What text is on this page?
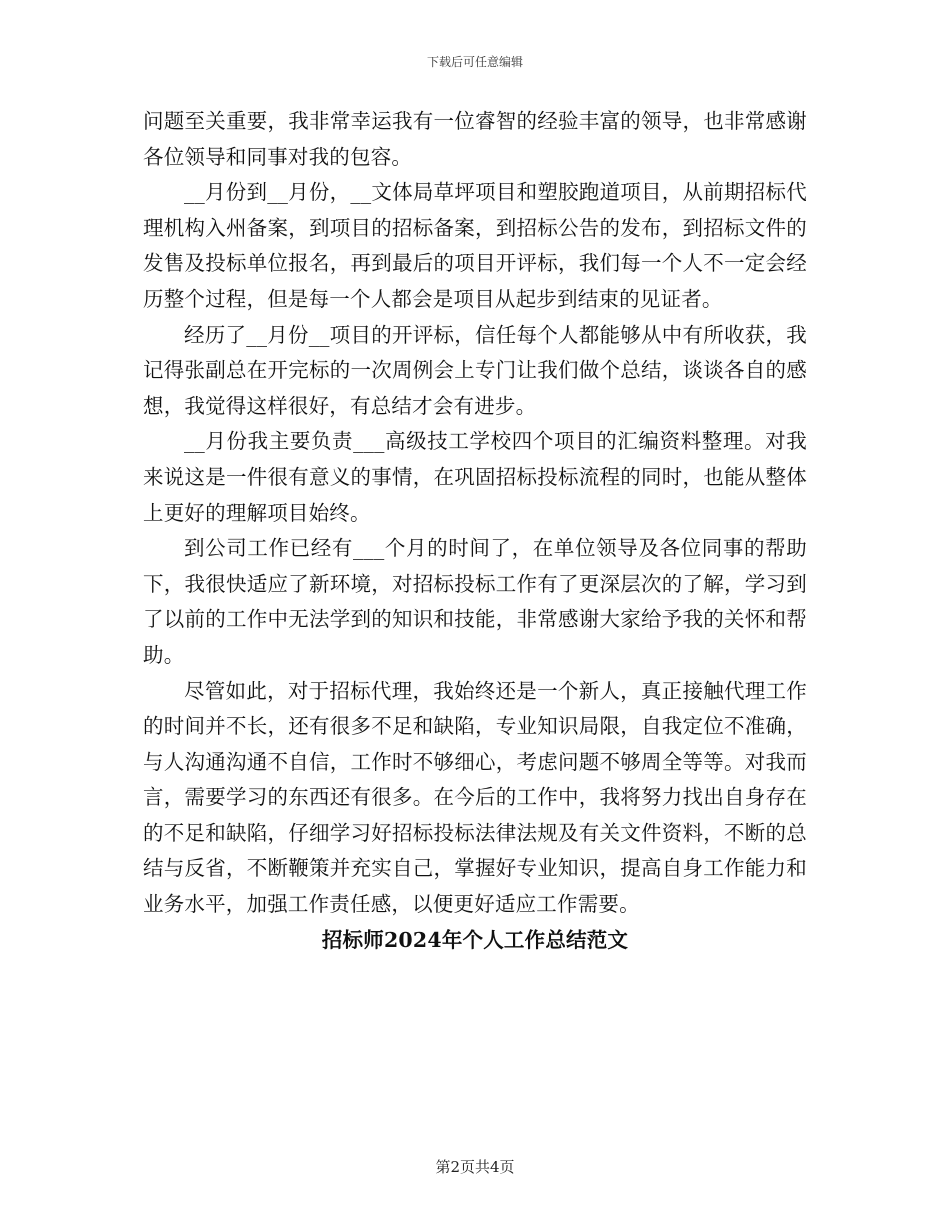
下载后可任意编辑

问题至关重要，我非常幸运我有一位睿智的经验丰富的领导，也非常感谢各位领导和同事对我的包容。

__月份到__月份，__文体局草坪项目和塑胶跑道项目，从前期招标代理机构入州备案，到项目的招标备案，到招标公告的发布，到招标文件的发售及投标单位报名，再到最后的项目开评标，我们每一个人不一定会经历整个过程，但是每一个人都会是项目从起步到结束的见证者。

经历了__月份__项目的开评标，信任每个人都能够从中有所收获，我记得张副总在开完标的一次周例会上专门让我们做个总结，谈谈各自的感想，我觉得这样很好，有总结才会有进步。

__月份我主要负责___高级技工学校四个项目的汇编资料整理。对我来说这是一件很有意义的事情，在巩固招标投标流程的同时，也能从整体上更好的理解项目始终。

到公司工作已经有___个月的时间了，在单位领导及各位同事的帮助下，我很快适应了新环境，对招标投标工作有了更深层次的了解，学习到了以前的工作中无法学到的知识和技能，非常感谢大家给予我的关怀和帮助。

尽管如此，对于招标代理，我始终还是一个新人，真正接触代理工作的时间并不长，还有很多不足和缺陷，专业知识局限，自我定位不准确，与人沟通沟通不自信，工作时不够细心，考虑问题不够周全等等。对我而言，需要学习的东西还有很多。在今后的工作中，我将努力找出自身存在的不足和缺陷，仔细学习好招标投标法律法规及有关文件资料，不断的总结与反省，不断鞭策并充实自己，掌握好专业知识，提高自身工作能力和业务水平，加强工作责任感，以便更好适应工作需要。

招标师2024年个人工作总结范文

第2页共4页
